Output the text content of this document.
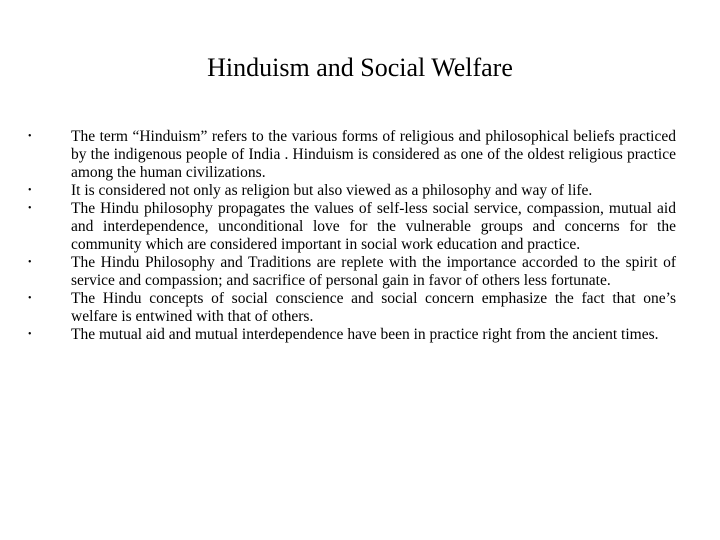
Hinduism and Social Welfare
•	The term “Hinduism” refers to the various forms of religious and philosophical beliefs practiced by the indigenous people of India . Hinduism is considered as one of the oldest religious practice among the human civilizations.
•	It is considered not only as religion but also viewed as a philosophy and way of life.
•	The Hindu philosophy propagates the values of self-less social service, compassion, mutual aid and interdependence, unconditional love for the vulnerable groups and concerns for the community which are considered important in social work education and practice.
•	The Hindu Philosophy and Traditions are replete with the importance accorded to the spirit of service and compassion; and sacrifice of personal gain in favor of others less fortunate.
•	The Hindu concepts of social conscience and social concern emphasize the fact that one’s welfare is entwined with that of others.
•	The mutual aid and mutual interdependence have been in practice right from the ancient times.
